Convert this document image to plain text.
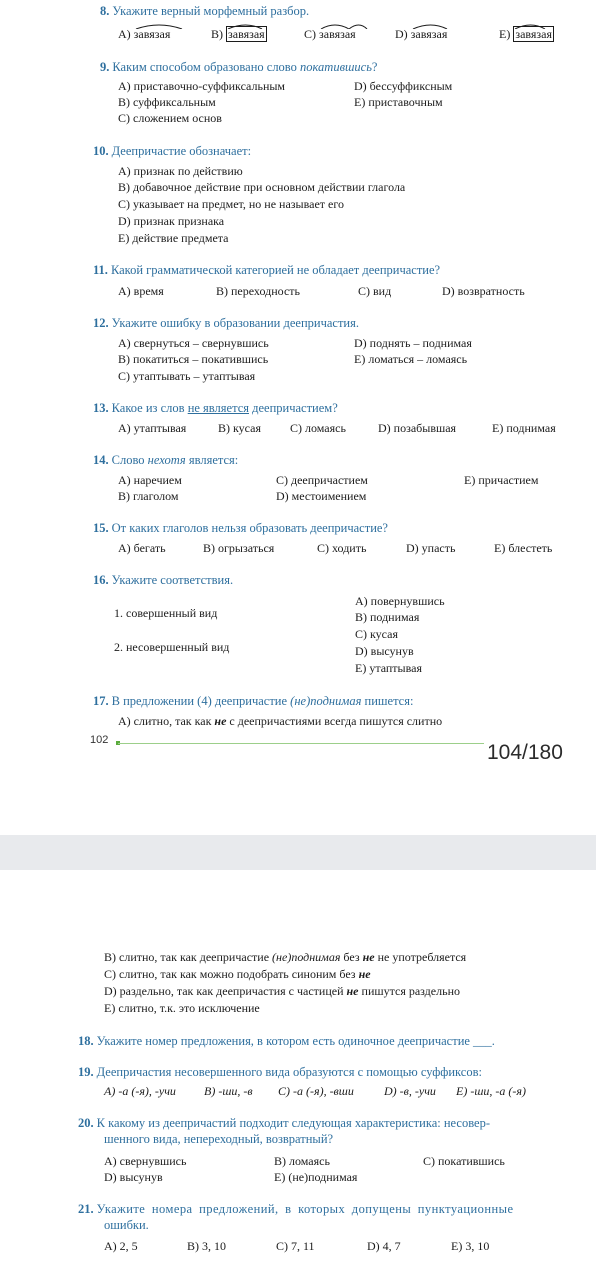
8. Укажите верный морфемный разбор.
A) завязая	B) завязая	C) завязая	D) завязая	E) завязая
9. Каким способом образовано слово покатившись?
A) приставочно-суффиксальным	D) бессуффиксным
B) суффиксальным	E) приставочным
C) сложением основ
10. Деепричастие обозначает:
A) признак по действию
B) добавочное действие при основном действии глагола
C) указывает на предмет, но не называет его
D) признак признака
E) действие предмета
11. Какой грамматической категорией не обладает деепричастие?
A) время	B) переходность	C) вид	D) возвратность
12. Укажите ошибку в образовании деепричастия.
A) свернуться – свернувшись	D) поднять – поднимая
B) покатиться – покатившись	E) ломаться – ломаясь
C) утаптывать – утаптывая
13. Какое из слов не является деепричастием?
A) утаптывая	B) кусая C) ломаясь	D) позабывшая	E) поднимая
14. Слово нехотя является:
A) наречием	C) деепричастием	E) причастием
B) глаголом	D) местоимением
15. От каких глаголов нельзя образовать деепричастие?
A) бегать	B) огрызаться	C) ходить	D) упасть	E) блестеть
16. Укажите соответствия.
1. совершенный вид
2. несовершенный вид
A) повернувшись
B) поднимая
C) кусая
D) высунув
E) утаптывая
17. В предложении (4) деепричастие (не)поднимая пишется:
A) слитно, так как не с деепричастиями всегда пишутся слитно
102
104/180
B) слитно, так как деепричастие (не)поднимая без не не употребляется
C) слитно, так как можно подобрать синоним без не
D) раздельно, так как деепричастия с частицей не пишутся раздельно
E) слитно, т.к. это исключение
18. Укажите номер предложения, в котором есть одиночное деепричастие ___.
19. Деепричастия несовершенного вида образуются с помощью суффиксов:
A) -а (-я), -учи B) -ши, -в C) -а (-я), -вши	D) -в, -учи E) -ши, -а (-я)
20. К какому из деепричастий подходит следующая характеристика: несовер-
шенного вида, непереходный, возвратный?
A) свернувшись	B) ломаясь	C) покатившись
D) высунув	E) (не)поднимая
21. Укажите номера предложений, в которых допущены пунктуационные
ошибки.
A) 2, 5	B) 3, 10	C) 7, 11	D) 4, 7	E) 3, 10
